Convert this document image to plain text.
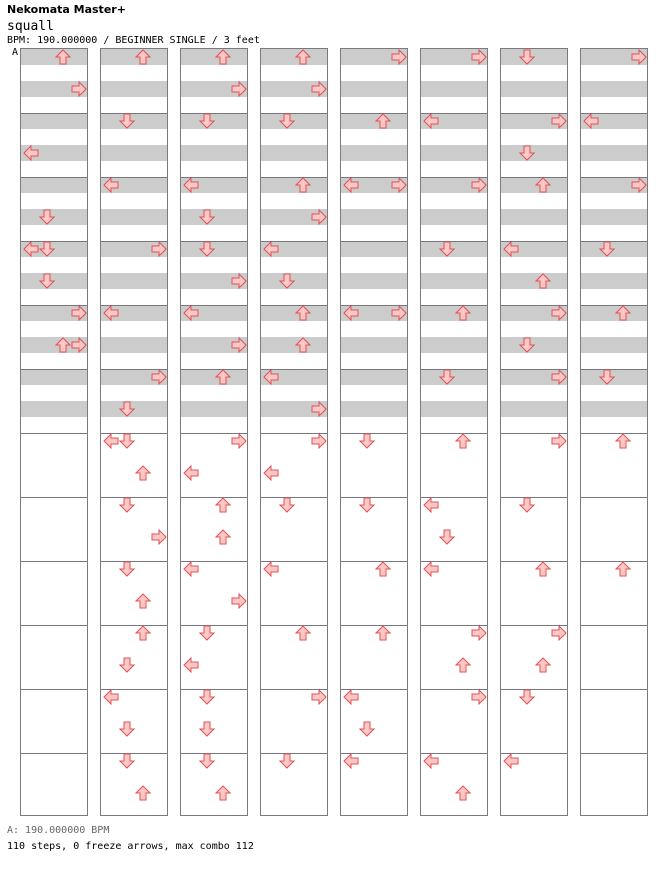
Nekomata Master+
squall
BPM: 190.000000 / BEGINNER SINGLE / 3 feet
A
A: 190.000000 BPM
110 steps, 0 freeze arrows, max combo 112
